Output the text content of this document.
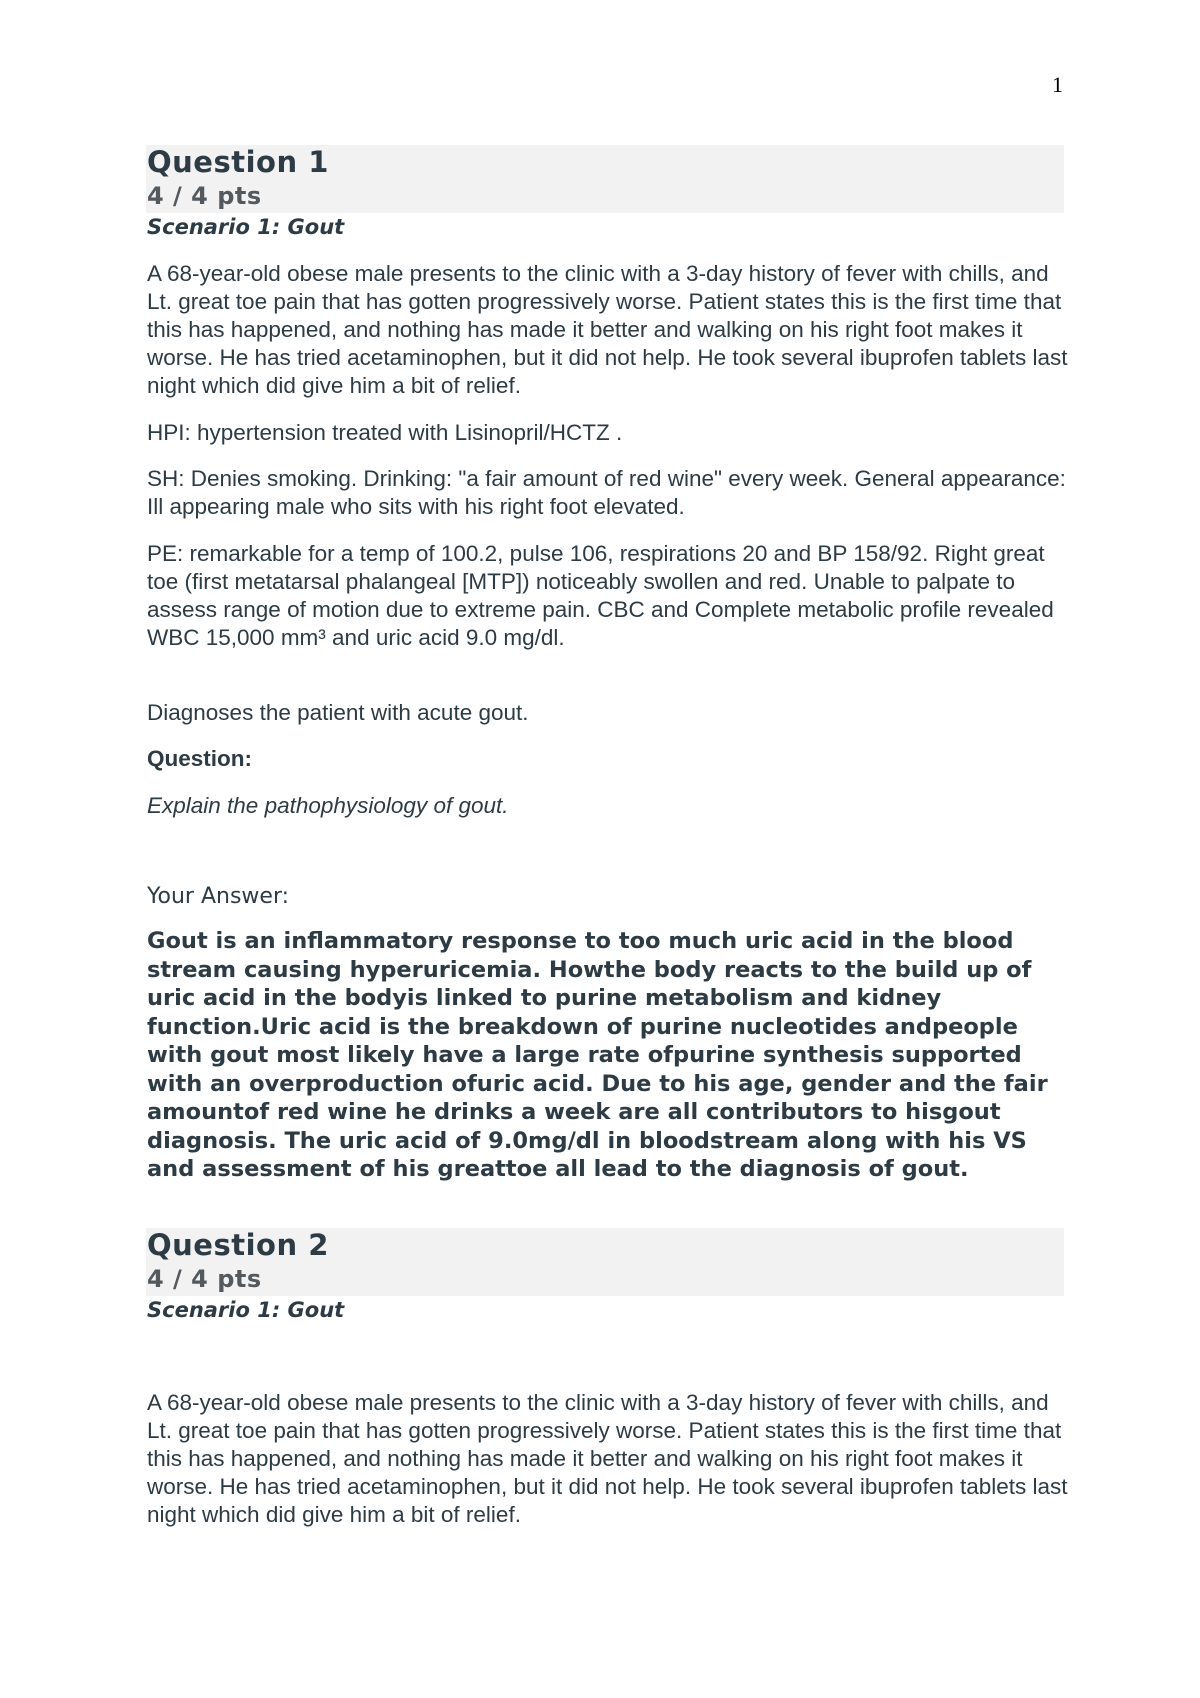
1
Question 1
4 / 4 pts
Scenario 1: Gout

A 68-year-old obese male presents to the clinic with a 3-day history of fever with chills, and Lt. great toe pain that has gotten progressively worse. Patient states this is the first time that this has happened, and nothing has made it better and walking on his right foot makes it worse. He has tried acetaminophen, but it did not help. He took several ibuprofen tablets last night which did give him a bit of relief.

HPI: hypertension treated with Lisinopril/HCTZ .

SH: Denies smoking. Drinking: "a fair amount of red wine" every week. General appearance: Ill appearing male who sits with his right foot elevated.

PE: remarkable for a temp of 100.2, pulse 106, respirations 20 and BP 158/92. Right great toe (first metatarsal phalangeal [MTP]) noticeably swollen and red. Unable to palpate to assess range of motion due to extreme pain. CBC and Complete metabolic profile revealed WBC 15,000 mm³ and uric acid 9.0 mg/dl.

Diagnoses the patient with acute gout.

Question:

Explain the pathophysiology of gout.

Your Answer:

Gout is an inflammatory response to too much uric acid in the blood stream causing hyperuricemia. Howthe body reacts to the build up of uric acid in the bodyis linked to purine metabolism and kidney function.Uric acid is the breakdown of purine nucleotides andpeople with gout most likely have a large rate ofpurine synthesis supported with an overproduction ofuric acid. Due to his age, gender and the fair amountof red wine he drinks a week are all contributors to hisgout diagnosis. The uric acid of 9.0mg/dl in bloodstream along with his VS and assessment of his greattoe all lead to the diagnosis of gout.

Question 2
4 / 4 pts
Scenario 1: Gout

A 68-year-old obese male presents to the clinic with a 3-day history of fever with chills, and Lt. great toe pain that has gotten progressively worse. Patient states this is the first time that this has happened, and nothing has made it better and walking on his right foot makes it worse. He has tried acetaminophen, but it did not help. He took several ibuprofen tablets last night which did give him a bit of relief.
